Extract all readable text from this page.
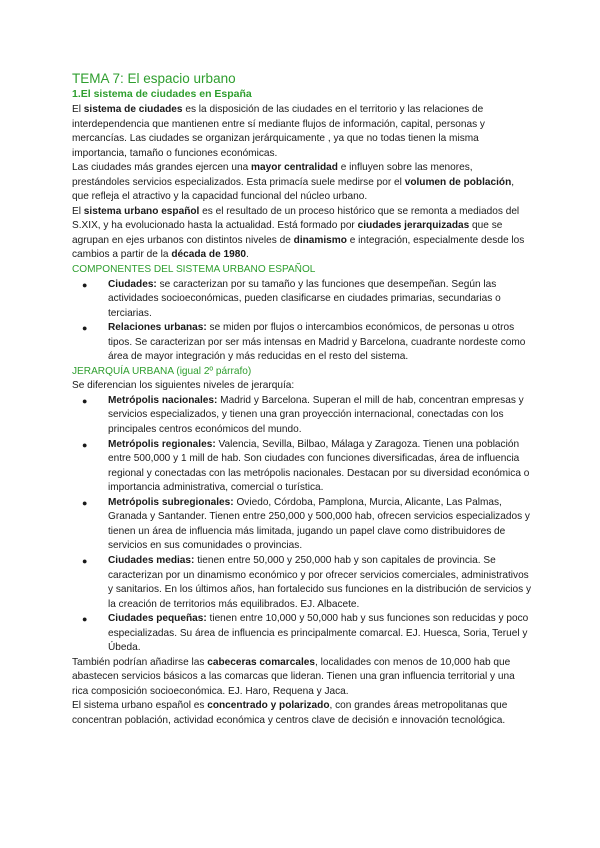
TEMA 7: El espacio urbano
1.El sistema de ciudades en España

El sistema de ciudades es la disposición de las ciudades en el territorio y las relaciones de interdependencia que mantienen entre sí mediante flujos de información, capital, personas y mercancías. Las ciudades se organizan jerárquicamente , ya que no todas tienen la misma importancia, tamaño o funciones económicas.

Las ciudades más grandes ejercen una mayor centralidad e influyen sobre las menores, prestándoles servicios especializados. Esta primacía suele medirse por el volumen de población, que refleja el atractivo y la capacidad funcional del núcleo urbano.

El sistema urbano español es el resultado de un proceso histórico que se remonta a mediados del S.XIX, y ha evolucionado hasta la actualidad. Está formado por ciudades jerarquizadas que se agrupan en ejes urbanos con distintos niveles de dinamismo e integración, especialmente desde los cambios a partir de la década de 1980.

COMPONENTES DEL SISTEMA URBANO ESPAÑOL

● Ciudades: se caracterizan por su tamaño y las funciones que desempeñan. Según las actividades socioeconómicas, pueden clasificarse en ciudades primarias, secundarias o terciarias.
● Relaciones urbanas: se miden por flujos o intercambios económicos, de personas u otros tipos. Se caracterizan por ser más intensas en Madrid y Barcelona, cuadrante nordeste como área de mayor integración y más reducidas en el resto del sistema.

JERARQUÍA URBANA (igual 2º párrafo)

Se diferencian los siguientes niveles de jerarquía:

● Metrópolis nacionales: Madrid y Barcelona. Superan el mill de hab, concentran empresas y servicios especializados, y tienen una gran proyección internacional, conectadas con los principales centros económicos del mundo.
● Metrópolis regionales: Valencia, Sevilla, Bilbao, Málaga y Zaragoza. Tienen una población entre 500,000 y 1 mill de hab. Son ciudades con funciones diversificadas, área de influencia regional y conectadas con las metrópolis nacionales. Destacan por su diversidad económica o importancia administrativa, comercial o turística.
● Metrópolis subregionales: Oviedo, Córdoba, Pamplona, Murcia, Alicante, Las Palmas, Granada y Santander. Tienen entre 250,000 y 500,000 hab, ofrecen servicios especializados y tienen un área de influencia más limitada, jugando un papel clave como distribuidores de servicios en sus comunidades o provincias.
● Ciudades medias: tienen entre 50,000 y 250,000 hab y son capitales de provincia. Se caracterizan por un dinamismo económico y por ofrecer servicios comerciales, administrativos y sanitarios. En los últimos años, han fortalecido sus funciones en la distribución de servicios y la creación de territorios más equilibrados. EJ. Albacete.
● Ciudades pequeñas: tienen entre 10,000 y 50,000 hab y sus funciones son reducidas y poco especializadas. Su área de influencia es principalmente comarcal. EJ. Huesca, Soria, Teruel y Úbeda.

También podrían añadirse las cabeceras comarcales, localidades con menos de 10,000 hab que abastecen servicios básicos a las comarcas que lideran. Tienen una gran influencia territorial y una rica composición socioeconómica. EJ. Haro, Requena y Jaca.

El sistema urbano español es concentrado y polarizado, con grandes áreas metropolitanas que concentran población, actividad económica y centros clave de decisión e innovación tecnológica.
